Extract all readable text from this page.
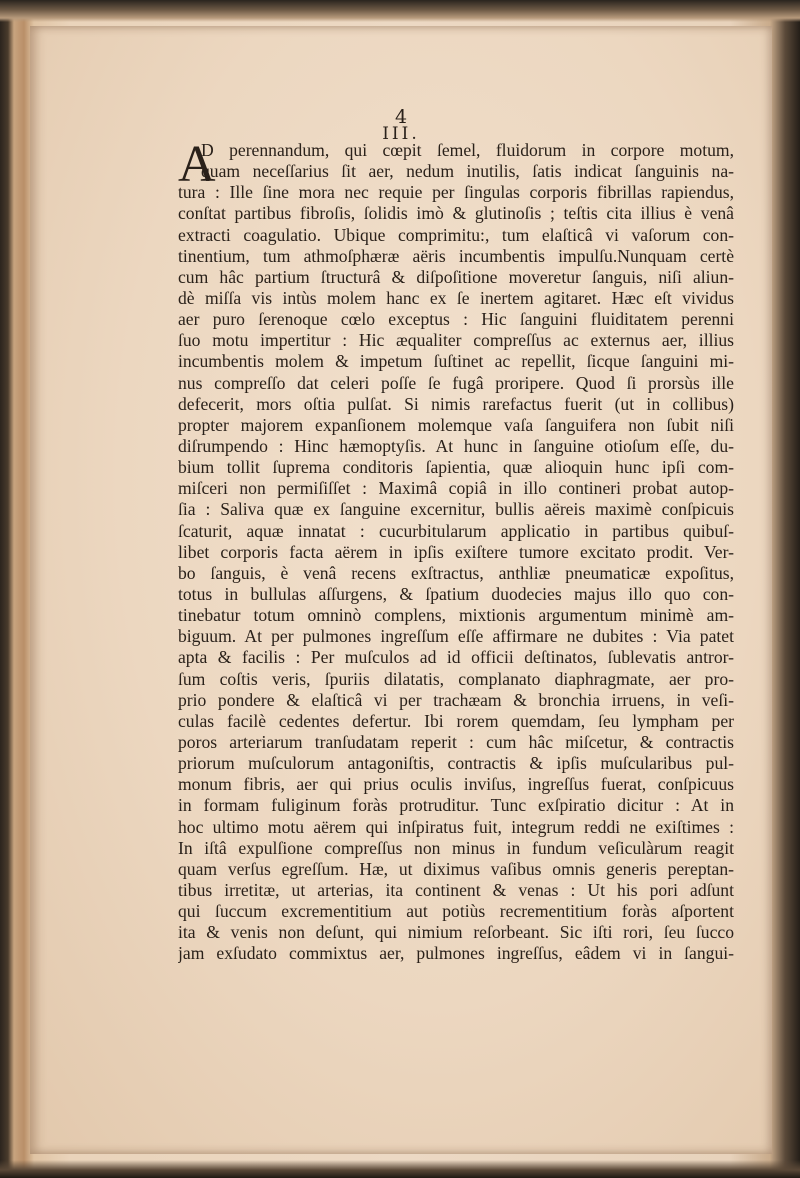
4
III.
A
D perennandum, qui cœpit ſemel, fluidorum in corpore motum,
quam neceſſarius ſit aer, nedum inutilis, ſatis indicat ſanguinis na-
tura : Ille ſine mora nec requie per ſingulas corporis fibrillas rapiendus,
conſtat partibus fibroſis, ſolidis imò & glutinoſis ; teſtis cita illius è venâ
extracti coagulatio. Ubique comprimitu:, tum elaſticâ vi vaſorum con-
tinentium, tum athmoſphæræ aëris incumbentis impulſu.Nunquam certè
cum hâc partium ſtructurâ & diſpoſitione moveretur ſanguis, niſi aliun-
dè miſſa vis intùs molem hanc ex ſe inertem agitaret. Hæc eſt vividus
aer puro ſerenoque cœlo exceptus : Hic ſanguini fluiditatem perenni
ſuo motu impertitur : Hic æqualiter compreſſus ac externus aer, illius
incumbentis molem & impetum ſuſtinet ac repellit, ſicque ſanguini mi-
nus compreſſo dat celeri poſſe ſe fugâ proripere. Quod ſi prorsùs ille
defecerit, mors oſtia pulſat. Si nimis rarefactus fuerit (ut in collibus)
propter majorem expanſionem molemque vaſa ſanguifera non ſubit niſi
diſrumpendo : Hinc hæmoptyſis. At hunc in ſanguine otioſum eſſe, du-
bium tollit ſuprema conditoris ſapientia, quæ alioquin hunc ipſi com-
miſceri non permiſiſſet : Maximâ copiâ in illo contineri probat autop-
ſia : Saliva quæ ex ſanguine excernitur, bullis aëreis maximè conſpicuis
ſcaturit, aquæ innatat : cucurbitularum applicatio in partibus quibuſ-
libet corporis facta aërem in ipſis exiſtere tumore excitato prodit. Ver-
bo ſanguis, è venâ recens exſtractus, anthliæ pneumaticæ expoſitus,
totus in bullulas aſſurgens, & ſpatium duodecies majus illo quo con-
tinebatur totum omninò complens, mixtionis argumentum minimè am-
biguum. At per pulmones ingreſſum eſſe affirmare ne dubites : Via patet
apta & facilis : Per muſculos ad id officii deſtinatos, ſublevatis antror-
ſum coſtis veris, ſpuriis dilatatis, complanato diaphragmate, aer pro-
prio pondere & elaſticâ vi per trachæam & bronchia irruens, in veſi-
culas facilè cedentes defertur. Ibi rorem quemdam, ſeu lympham per
poros arteriarum tranſudatam reperit : cum hâc miſcetur, & contractis
priorum muſculorum antagoniſtis, contractis & ipſis muſcularibus pul-
monum fibris, aer qui prius oculis inviſus, ingreſſus fuerat, conſpicuus
in formam fuliginum foràs protruditur. Tunc exſpiratio dicitur : At in
hoc ultimo motu aërem qui inſpiratus fuit, integrum reddi ne exiſtimes :
In iſtâ expulſione compreſſus non minus in fundum veſiculàrum reagit
quam verſus egreſſum. Hæ, ut diximus vaſibus omnis generis pereptan-
tibus irretitæ, ut arterias, ita continent & venas : Ut his pori adſunt
qui ſuccum excrementitium aut potiùs recrementitium foràs aſportent
ita & venis non deſunt, qui nimium reſorbeant. Sic iſti rori, ſeu ſucco
jam exſudato commixtus aer, pulmones ingreſſus, eâdem vi in ſangui-
